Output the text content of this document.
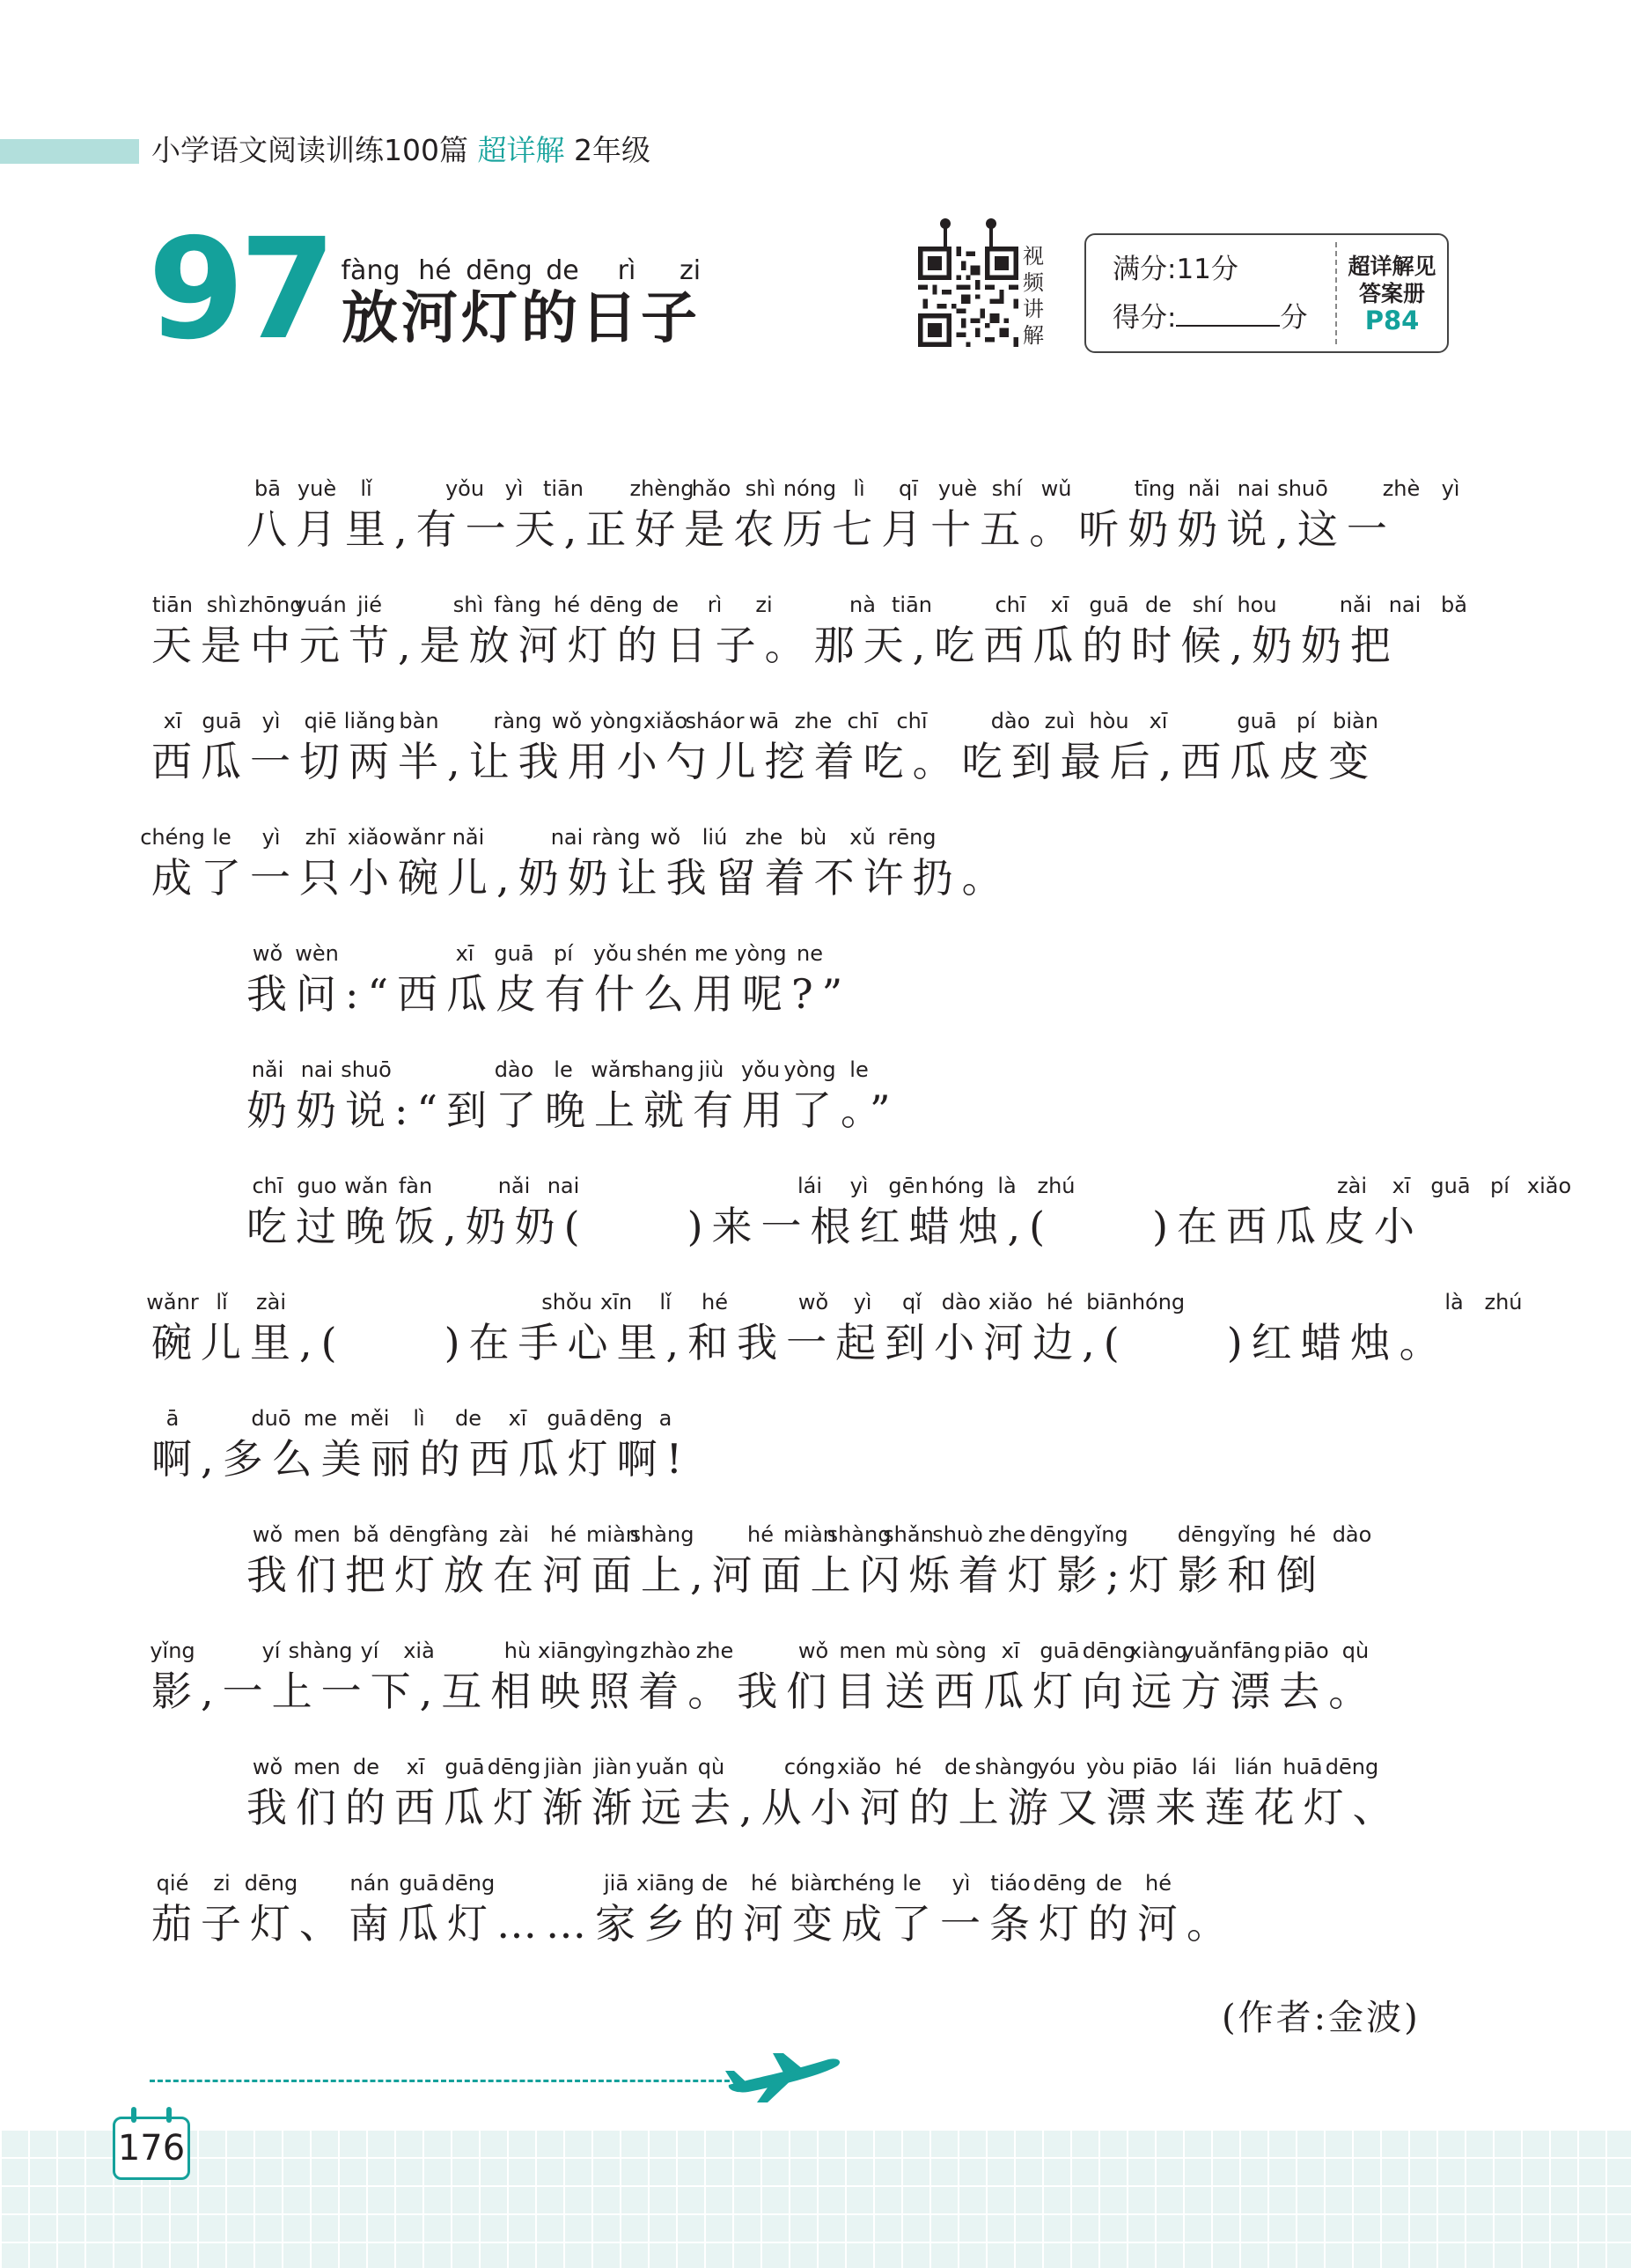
小学语文阅读训练100篇 超详解 2年级
97 fàng hé dēng de rì zi
放河灯的日子
视频讲解
满分:11分
得分:	分
超详解见
答案册
P84
bā yuè lǐ	yǒu yì tiān zhèng
hǎo shì nóng lì qī yuè shí wǔ	tīng nǎi nai shuō	zhè yì
八月里,有一天,正好是农历七月十五。听奶奶说,这一
tiān shì zhōng
yuán jié	shì fàng hé dēng de rì zi	nà tiān	chī xī guā de shí hou	nǎi nai bǎ
天是中元节,是放河灯的日子。那天,吃西瓜的时候,奶奶把
xī guā yì qiē liǎng bàn	ràng wǒ yòng xiǎo
sháor wā zhe chī chī	dào zuì hòu xī	guā pí biàn
西瓜一切两半,让我用小勺儿挖着吃。吃到最后,西瓜皮变
chéng le yì zhī xiǎo wǎnr nǎi	nai ràng wǒ liú zhe bù xǔ rēng
成了一只小碗儿,奶奶让我留着不许扔。
wǒ wèn	xī guā pí yǒu shén me yòng ne
我问:“西瓜皮有什么用呢?”
nǎi nai shuō	dào le wǎn
shang jiù yǒu yòng le
奶奶说:“到了晚上就有用了。”
chī guo wǎn fàn	nǎi nai	lái yì gēn hóng là zhú	zài xī guā pí xiǎo
吃过晚饭,奶奶(　　)来一根红蜡烛,(　　)在西瓜皮小
wǎnr lǐ zài	shǒu xīn lǐ hé	wǒ yì qǐ dào xiǎo hé biān hóng	là zhú
碗儿里,(　　)在手心里,和我一起到小河边,(　　)红蜡烛。
ā	duō me měi lì de xī guā dēng a
啊,多么美丽的西瓜灯啊!
wǒ men bǎ dēng
fàng zài hé miàn
shàng	hé miàn
shàng
shǎn
shuò zhe dēng yǐng dēng yǐng hé dào
我们把灯放在河面上,河面上闪烁着灯影;灯影和倒
yǐng	yí shàng yí xià	hù xiāng
yìng zhào zhe	wǒ men mù sòng xī guā dēng
xiàng
yuǎn fāng piāo qù
影,一上一下,互相映照着。我们目送西瓜灯向远方漂去。
wǒ men de xī guā dēng jiàn jiàn yuǎn qù	cóng xiǎo hé de shàng
yóu yòu piāo lái lián huā dēng
我们的西瓜灯渐渐远去,从小河的上游又漂来莲花灯、
qié zi dēng nán guā dēng	jiā xiāng de hé biàn
chéng le yì tiáo dēng de hé
茄子灯、南瓜灯……家乡的河变成了一条灯的河。
(作者:金波)
176
